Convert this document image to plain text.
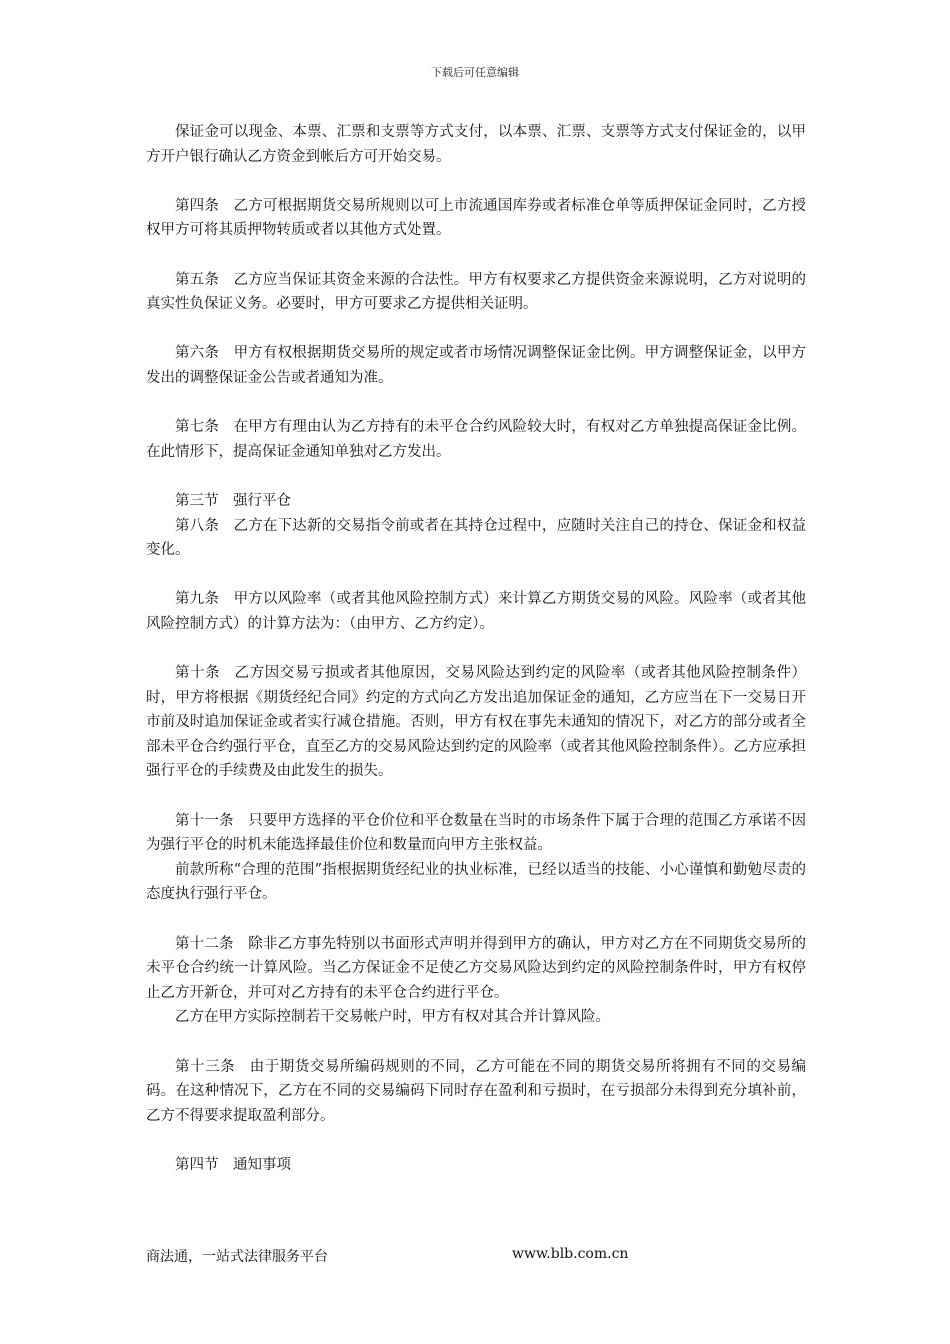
下载后可任意编辑

保证金可以现金、本票、汇票和支票等方式支付，以本票、汇票、支票等方式支付保证金的，以甲方开户银行确认乙方资金到帐后方可开始交易。

第四条 乙方可根据期货交易所规则以可上市流通国库券或者标准仓单等质押保证金同时，乙方授权甲方可将其质押物转质或者以其他方式处置。

第五条 乙方应当保证其资金来源的合法性。甲方有权要求乙方提供资金来源说明，乙方对说明的真实性负保证义务。必要时，甲方可要求乙方提供相关证明。

第六条 甲方有权根据期货交易所的规定或者市场情况调整保证金比例。甲方调整保证金，以甲方发出的调整保证金公告或者通知为准。

第七条 在甲方有理由认为乙方持有的未平仓合约风险较大时，有权对乙方单独提高保证金比例。在此情形下，提高保证金通知单独对乙方发出。

第三节 强行平仓

第八条 乙方在下达新的交易指令前或者在其持仓过程中，应随时关注自己的持仓、保证金和权益变化。

第九条 甲方以风险率（或者其他风险控制方式）来计算乙方期货交易的风险。风险率（或者其他风险控制方式）的计算方法为：（由甲方、乙方约定）。

第十条 乙方因交易亏损或者其他原因，交易风险达到约定的风险率（或者其他风险控制条件）时，甲方将根据《期货经纪合同》约定的方式向乙方发出追加保证金的通知，乙方应当在下一交易日开市前及时追加保证金或者实行减仓措施。否则，甲方有权在事先未通知的情况下，对乙方的部分或者全部未平仓合约强行平仓，直至乙方的交易风险达到约定的风险率（或者其他风险控制条件）。乙方应承担强行平仓的手续费及由此发生的损失。

第十一条 只要甲方选择的平仓价位和平仓数量在当时的市场条件下属于合理的范围乙方承诺不因为强行平仓的时机未能选择最佳价位和数量而向甲方主张权益。

前款所称“合理的范围”指根据期货经纪业的执业标准，已经以适当的技能、小心谨慎和勤勉尽责的态度执行强行平仓。

第十二条 除非乙方事先特别以书面形式声明并得到甲方的确认，甲方对乙方在不同期货交易所的未平仓合约统一计算风险。当乙方保证金不足使乙方交易风险达到约定的风险控制条件时，甲方有权停止乙方开新仓，并可对乙方持有的未平仓合约进行平仓。

乙方在甲方实际控制若干交易帐户时，甲方有权对其合并计算风险。

第十三条 由于期货交易所编码规则的不同，乙方可能在不同的期货交易所将拥有不同的交易编码。在这种情况下，乙方在不同的交易编码下同时存在盈利和亏损时，在亏损部分未得到充分填补前，乙方不得要求提取盈利部分。

第四节 通知事项

商法通，一站式法律服务平台	www.blb.com.cn
